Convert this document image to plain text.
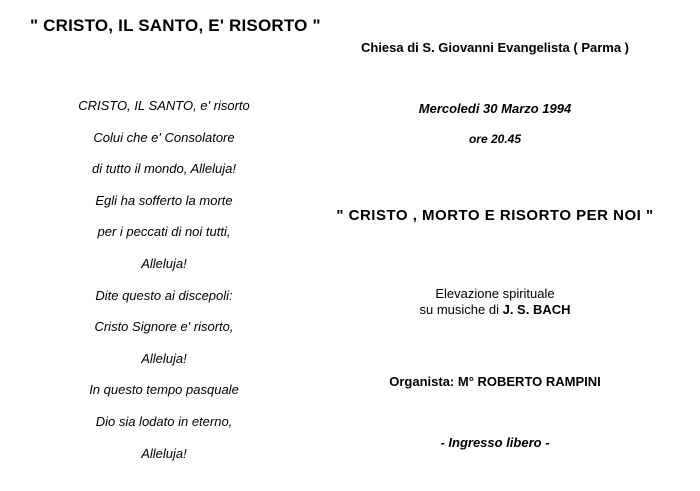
" CRISTO, IL SANTO, E' RISORTO "
CRISTO, IL SANTO, e' risorto
Colui che e' Consolatore
di tutto il mondo, Alleluja!
Egli ha sofferto la morte
per i peccati di noi tutti,
Alleluja!
Dite questo ai discepoli:
Cristo Signore e' risorto,
Alleluja!
In questo tempo pasquale
Dio sia lodato in eterno,
Alleluja!
Chiesa di S. Giovanni Evangelista ( Parma )
Mercoledi 30 Marzo 1994
ore 20.45
" CRISTO , MORTO E RISORTO PER NOI "
Elevazione spirituale
su musiche di J. S. BACH
Organista: M° ROBERTO RAMPINI
- Ingresso libero -
